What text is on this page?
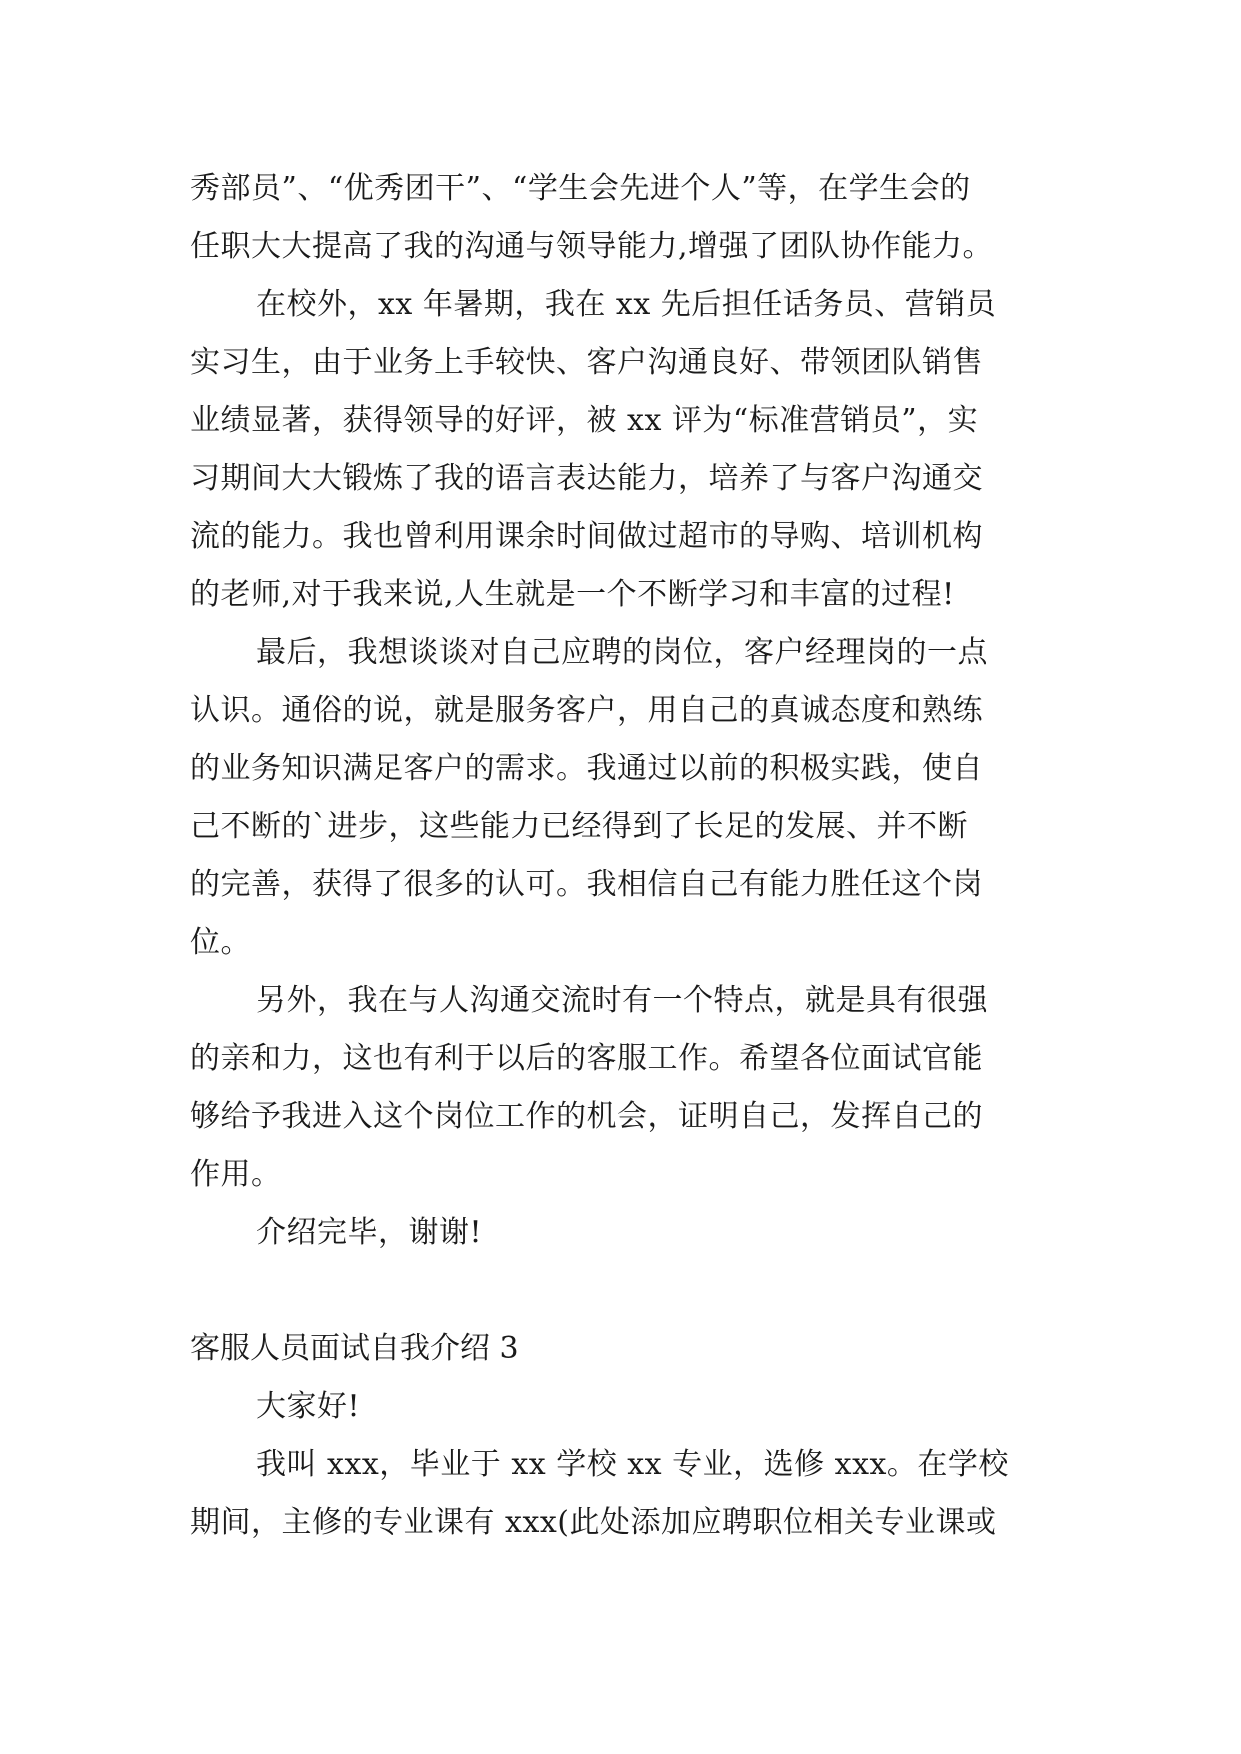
秀部员”、“优秀团干”、“学生会先进个人”等，在学生会的
任职大大提高了我的沟通与领导能力,增强了团队协作能力。
在校外，xx 年暑期，我在 xx 先后担任话务员、营销员
实习生，由于业务上手较快、客户沟通良好、带领团队销售
业绩显著，获得领导的好评，被 xx 评为“标准营销员”，实
习期间大大锻炼了我的语言表达能力，培养了与客户沟通交
流的能力。我也曾利用课余时间做过超市的导购、培训机构
的老师,对于我来说,人生就是一个不断学习和丰富的过程!
最后，我想谈谈对自己应聘的岗位，客户经理岗的一点
认识。通俗的说，就是服务客户，用自己的真诚态度和熟练
的业务知识满足客户的需求。我通过以前的积极实践，使自
己不断的`进步，这些能力已经得到了长足的发展、并不断
的完善，获得了很多的认可。我相信自己有能力胜任这个岗
位。
另外，我在与人沟通交流时有一个特点，就是具有很强
的亲和力，这也有利于以后的客服工作。希望各位面试官能
够给予我进入这个岗位工作的机会，证明自己，发挥自己的
作用。
介绍完毕，谢谢!
客服人员面试自我介绍 3
大家好!
我叫 xxx，毕业于 xx 学校 xx 专业，选修 xxx。在学校
期间，主修的专业课有 xxx(此处添加应聘职位相关专业课或
